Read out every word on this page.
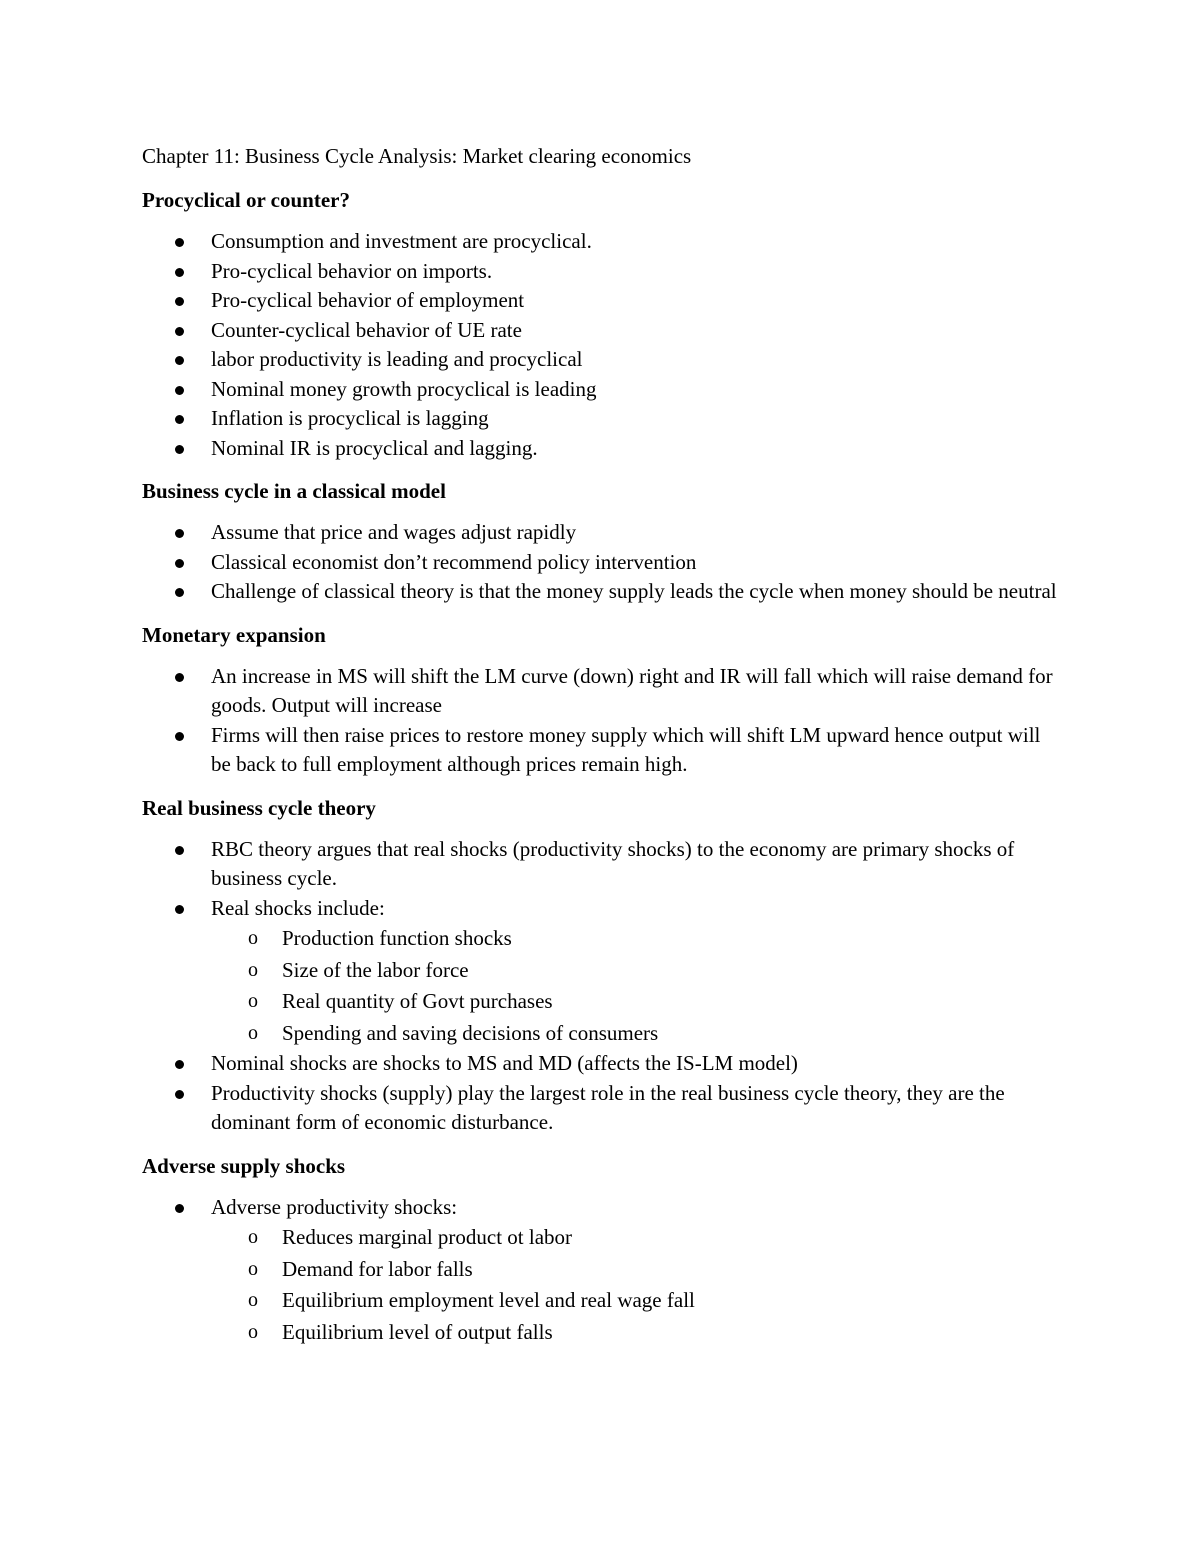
Chapter 11: Business Cycle Analysis: Market clearing economics
Procyclical or counter?
Consumption and investment are procyclical.
Pro-cyclical behavior on imports.
Pro-cyclical behavior of employment
Counter-cyclical behavior of UE rate
labor productivity is leading and procyclical
Nominal money growth procyclical is leading
Inflation is procyclical is lagging
Nominal IR is procyclical and lagging.
Business cycle in a classical model
Assume that price and wages adjust rapidly
Classical economist don’t recommend policy intervention
Challenge of classical theory is that the money supply leads the cycle when money should be neutral
Monetary expansion
An increase in MS will shift the LM curve (down) right and IR will fall which will raise demand for goods. Output will increase
Firms will then raise prices to restore money supply which will shift LM upward hence output will be back to full employment although prices remain high.
Real business cycle theory
RBC theory argues that real shocks (productivity shocks) to the economy are primary shocks of business cycle.
Real shocks include:
o	Production function shocks
o	Size of the labor force
o	Real quantity of Govt purchases
o	Spending and saving decisions of consumers
Nominal shocks are shocks to MS and MD (affects the IS-LM model)
Productivity shocks (supply) play the largest role in the real business cycle theory, they are the dominant form of economic disturbance.
Adverse supply shocks
Adverse productivity shocks:
o	Reduces marginal product ot labor
o	Demand for labor falls
o	Equilibrium employment level and real wage fall
o	Equilibrium level of output falls
